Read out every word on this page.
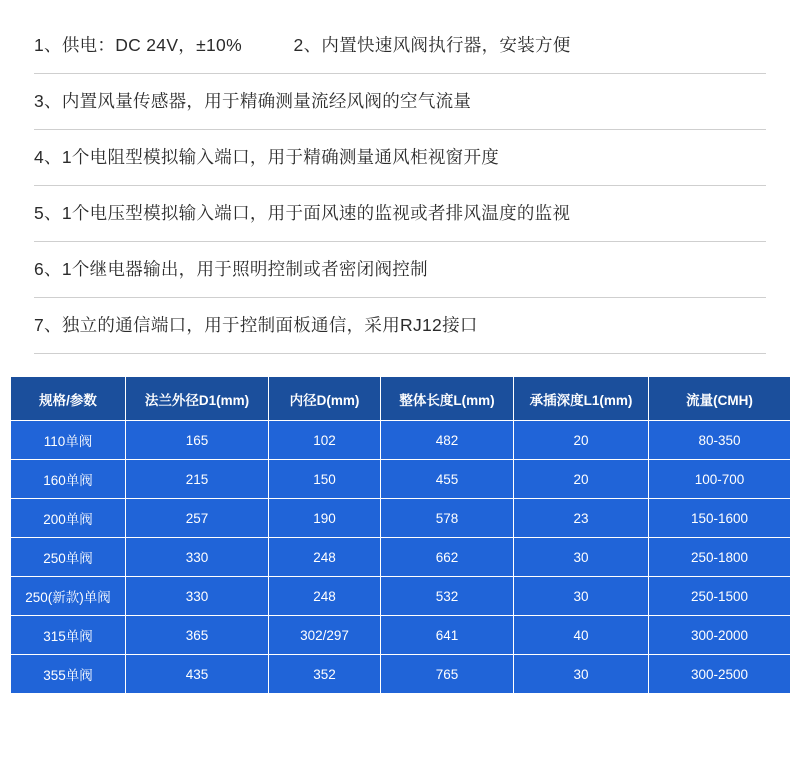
1、供电：DC 24V，±10%          2、内置快速风阀执行器，安装方便
3、内置风量传感器，用于精确测量流经风阀的空气流量
4、1个电阻型模拟输入端口，用于精确测量通风柜视窗开度
5、1个电压型模拟输入端口，用于面风速的监视或者排风温度的监视
6、1个继电器输出，用于照明控制或者密闭阀控制
7、独立的通信端口，用于控制面板通信，采用RJ12接口
规格/参数	法兰外径D1(mm)	内径D(mm)	整体长度L(mm)	承插深度L1(mm)	流量(CMH)
110单阀	165	102	482	20	80-350
160单阀	215	150	455	20	100-700
200单阀	257	190	578	23	150-1600
250单阀	330	248	662	30	250-1800
250(新款)单阀	330	248	532	30	250-1500
315单阀	365	302/297	641	40	300-2000
355单阀	435	352	765	30	300-2500
